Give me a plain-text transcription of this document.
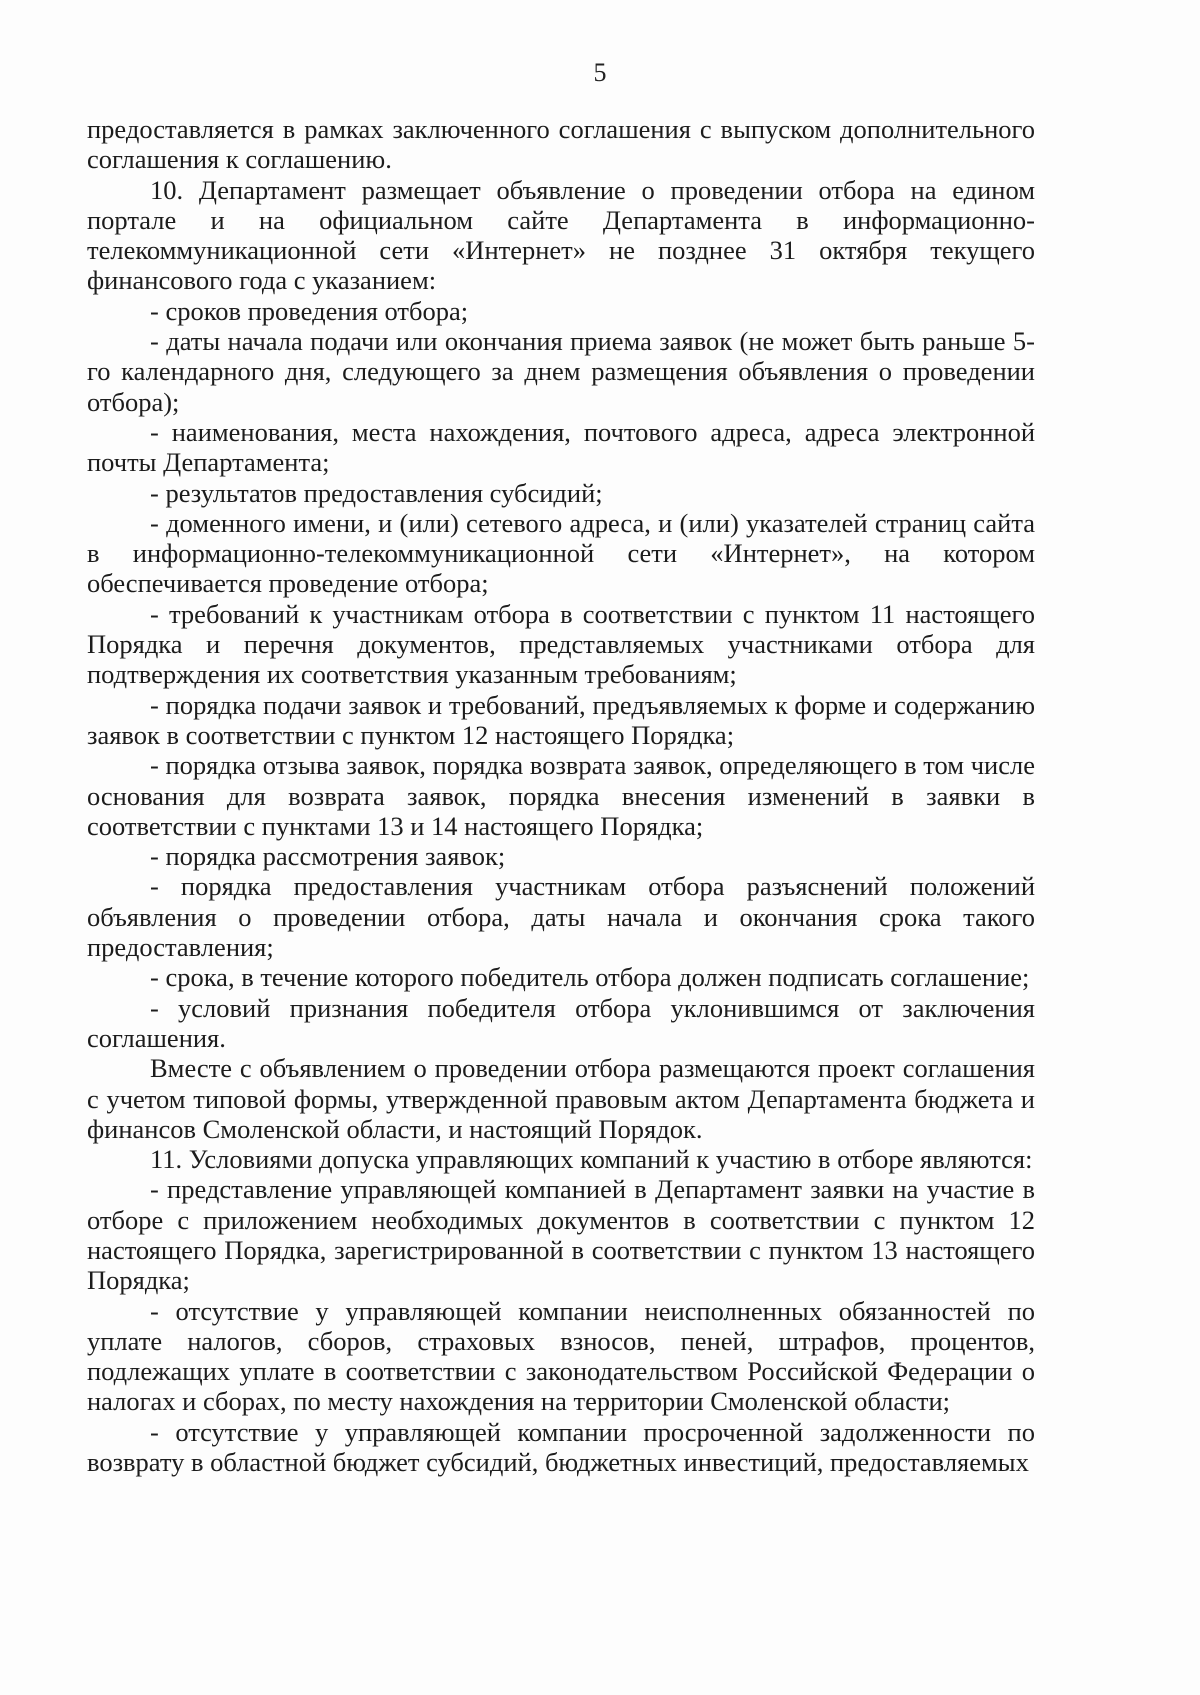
5

предоставляется в рамках заключенного соглашения с выпуском дополнительного соглашения к соглашению.

10. Департамент размещает объявление о проведении отбора на едином портале и на официальном сайте Департамента в информационно-телекоммуникационной сети «Интернет» не позднее 31 октября текущего финансового года с указанием:

- сроков проведения отбора;

- даты начала подачи или окончания приема заявок (не может быть раньше 5-го календарного дня, следующего за днем размещения объявления о проведении отбора);

- наименования, места нахождения, почтового адреса, адреса электронной почты Департамента;

- результатов предоставления субсидий;

- доменного имени, и (или) сетевого адреса, и (или) указателей страниц сайта в информационно-телекоммуникационной сети «Интернет», на котором обеспечивается проведение отбора;

- требований к участникам отбора в соответствии с пунктом 11 настоящего Порядка и перечня документов, представляемых участниками отбора для подтверждения их соответствия указанным требованиям;

- порядка подачи заявок и требований, предъявляемых к форме и содержанию заявок в соответствии с пунктом 12 настоящего Порядка;

- порядка отзыва заявок, порядка возврата заявок, определяющего в том числе основания для возврата заявок, порядка внесения изменений в заявки в соответствии с пунктами 13 и 14 настоящего Порядка;

- порядка рассмотрения заявок;

- порядка предоставления участникам отбора разъяснений положений объявления о проведении отбора, даты начала и окончания срока такого предоставления;

- срока, в течение которого победитель отбора должен подписать соглашение;

- условий признания победителя отбора уклонившимся от заключения соглашения.

Вместе с объявлением о проведении отбора размещаются проект соглашения с учетом типовой формы, утвержденной правовым актом Департамента бюджета и финансов Смоленской области, и настоящий Порядок.

11. Условиями допуска управляющих компаний к участию в отборе являются:

- представление управляющей компанией в Департамент заявки на участие в отборе с приложением необходимых документов в соответствии с пунктом 12 настоящего Порядка, зарегистрированной в соответствии с пунктом 13 настоящего Порядка;

- отсутствие у управляющей компании неисполненных обязанностей по уплате налогов, сборов, страховых взносов, пеней, штрафов, процентов, подлежащих уплате в соответствии с законодательством Российской Федерации о налогах и сборах, по месту нахождения на территории Смоленской области;

- отсутствие у управляющей компании просроченной задолженности по возврату в областной бюджет субсидий, бюджетных инвестиций, предоставляемых
